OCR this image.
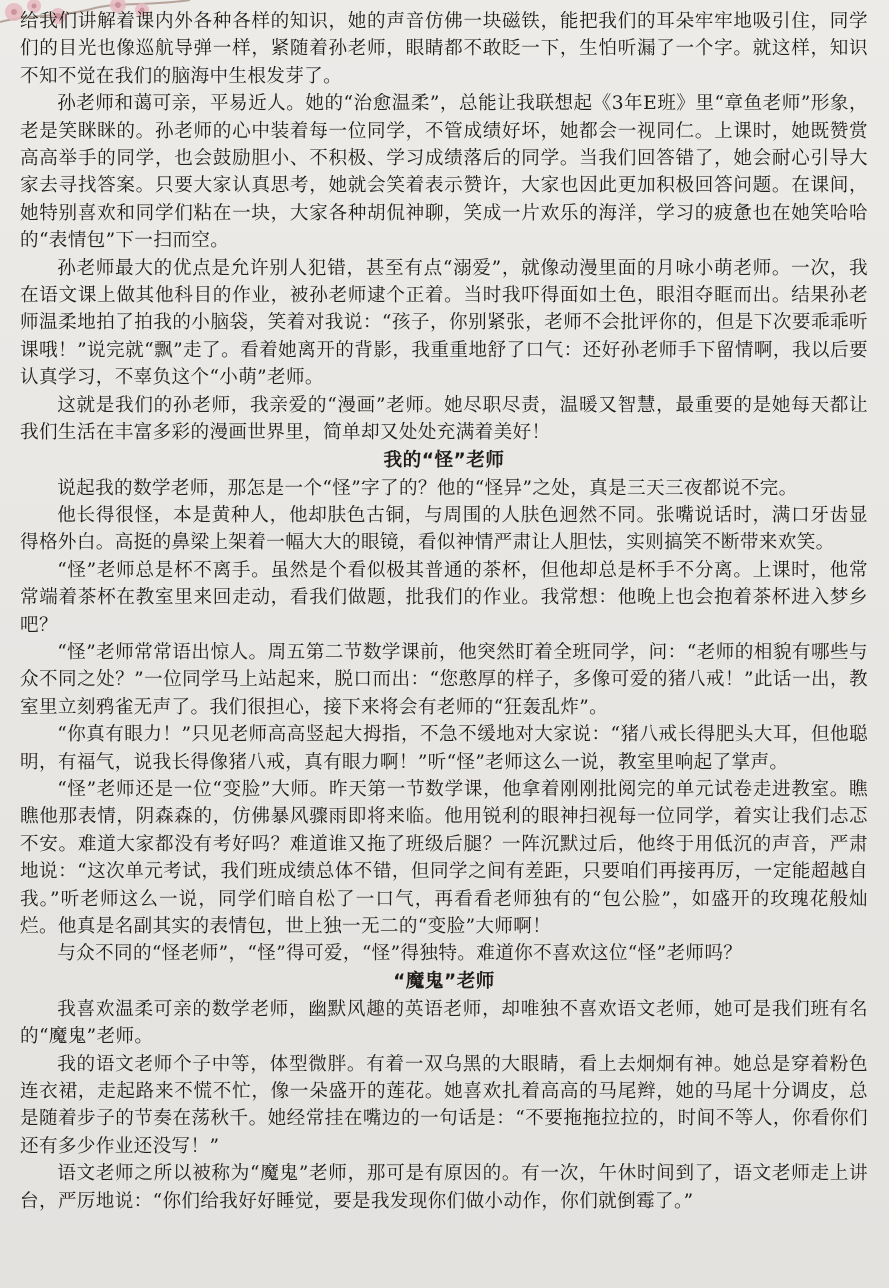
给我们讲解着课内外各种各样的知识，她的声音仿佛一块磁铁，能把我们的耳朵牢牢地吸引住，同学们的目光也像巡航导弹一样，紧随着孙老师，眼睛都不敢眨一下，生怕听漏了一个字。就这样，知识不知不觉在我们的脑海中生根发芽了。

孙老师和蔼可亲，平易近人。她的“治愈温柔”，总能让我联想起《3年E班》里“章鱼老师”形象，老是笑眯眯的。孙老师的心中装着每一位同学，不管成绩好坏，她都会一视同仁。上课时，她既赞赏高高举手的同学，也会鼓励胆小、不积极、学习成绩落后的同学。当我们回答错了，她会耐心引导大家去寻找答案。只要大家认真思考，她就会笑着表示赞许，大家也因此更加积极回答问题。在课间，她特别喜欢和同学们粘在一块，大家各种胡侃神聊，笑成一片欢乐的海洋，学习的疲惫也在她笑哈哈的“表情包”下一扫而空。

孙老师最大的优点是允许别人犯错，甚至有点“溺爱”，就像动漫里面的月咏小萌老师。一次，我在语文课上做其他科目的作业，被孙老师逮个正着。当时我吓得面如土色，眼泪夺眶而出。结果孙老师温柔地拍了拍我的小脑袋，笑着对我说：“孩子，你别紧张，老师不会批评你的，但是下次要乖乖听课哦！”说完就“飘”走了。看着她离开的背影，我重重地舒了口气：还好孙老师手下留情啊，我以后要认真学习，不辜负这个“小萌”老师。

这就是我们的孙老师，我亲爱的“漫画”老师。她尽职尽责，温暖又智慧，最重要的是她每天都让我们生活在丰富多彩的漫画世界里，简单却又处处充满着美好！

我的“怪”老师

说起我的数学老师，那怎是一个“怪”字了的？他的“怪异”之处，真是三天三夜都说不完。

他长得很怪，本是黄种人，他却肤色古铜，与周围的人肤色迥然不同。张嘴说话时，满口牙齿显得格外白。高挺的鼻梁上架着一幅大大的眼镜，看似神情严肃让人胆怯，实则搞笑不断带来欢笑。

“怪”老师总是杯不离手。虽然是个看似极其普通的茶杯，但他却总是杯手不分离。上课时，他常常端着茶杯在教室里来回走动，看我们做题，批我们的作业。我常想：他晚上也会抱着茶杯进入梦乡吧？

“怪”老师常常语出惊人。周五第二节数学课前，他突然盯着全班同学，问：“老师的相貌有哪些与众不同之处？”一位同学马上站起来，脱口而出：“您憨厚的样子，多像可爱的猪八戒！”此话一出，教室里立刻鸦雀无声了。我们很担心，接下来将会有老师的“狂轰乱炸”。

“你真有眼力！”只见老师高高竖起大拇指，不急不缓地对大家说：“猪八戒长得肥头大耳，但他聪明，有福气，说我长得像猪八戒，真有眼力啊！”听“怪”老师这么一说，教室里响起了掌声。

“怪”老师还是一位“变脸”大师。昨天第一节数学课，他拿着刚刚批阅完的单元试卷走进教室。瞧瞧他那表情，阴森森的，仿佛暴风骤雨即将来临。他用锐利的眼神扫视每一位同学，着实让我们忐忑不安。难道大家都没有考好吗？难道谁又拖了班级后腿？一阵沉默过后，他终于用低沉的声音，严肃地说：“这次单元考试，我们班成绩总体不错，但同学之间有差距，只要咱们再接再厉，一定能超越自我。”听老师这么一说，同学们暗自松了一口气，再看看老师独有的“包公脸”，如盛开的玫瑰花般灿烂。他真是名副其实的表情包，世上独一无二的“变脸”大师啊！

与众不同的“怪老师”，“怪”得可爱，“怪”得独特。难道你不喜欢这位“怪”老师吗？

“魔鬼”老师

我喜欢温柔可亲的数学老师，幽默风趣的英语老师，却唯独不喜欢语文老师，她可是我们班有名的“魔鬼”老师。

我的语文老师个子中等，体型微胖。有着一双乌黑的大眼睛，看上去炯炯有神。她总是穿着粉色连衣裙，走起路来不慌不忙，像一朵盛开的莲花。她喜欢扎着高高的马尾辫，她的马尾十分调皮，总是随着步子的节奏在荡秋千。她经常挂在嘴边的一句话是：“不要拖拖拉拉的，时间不等人，你看你们还有多少作业还没写！”

语文老师之所以被称为“魔鬼”老师，那可是有原因的。有一次，午休时间到了，语文老师走上讲台，严厉地说：“你们给我好好睡觉，要是我发现你们做小动作，你们就倒霉了。”
